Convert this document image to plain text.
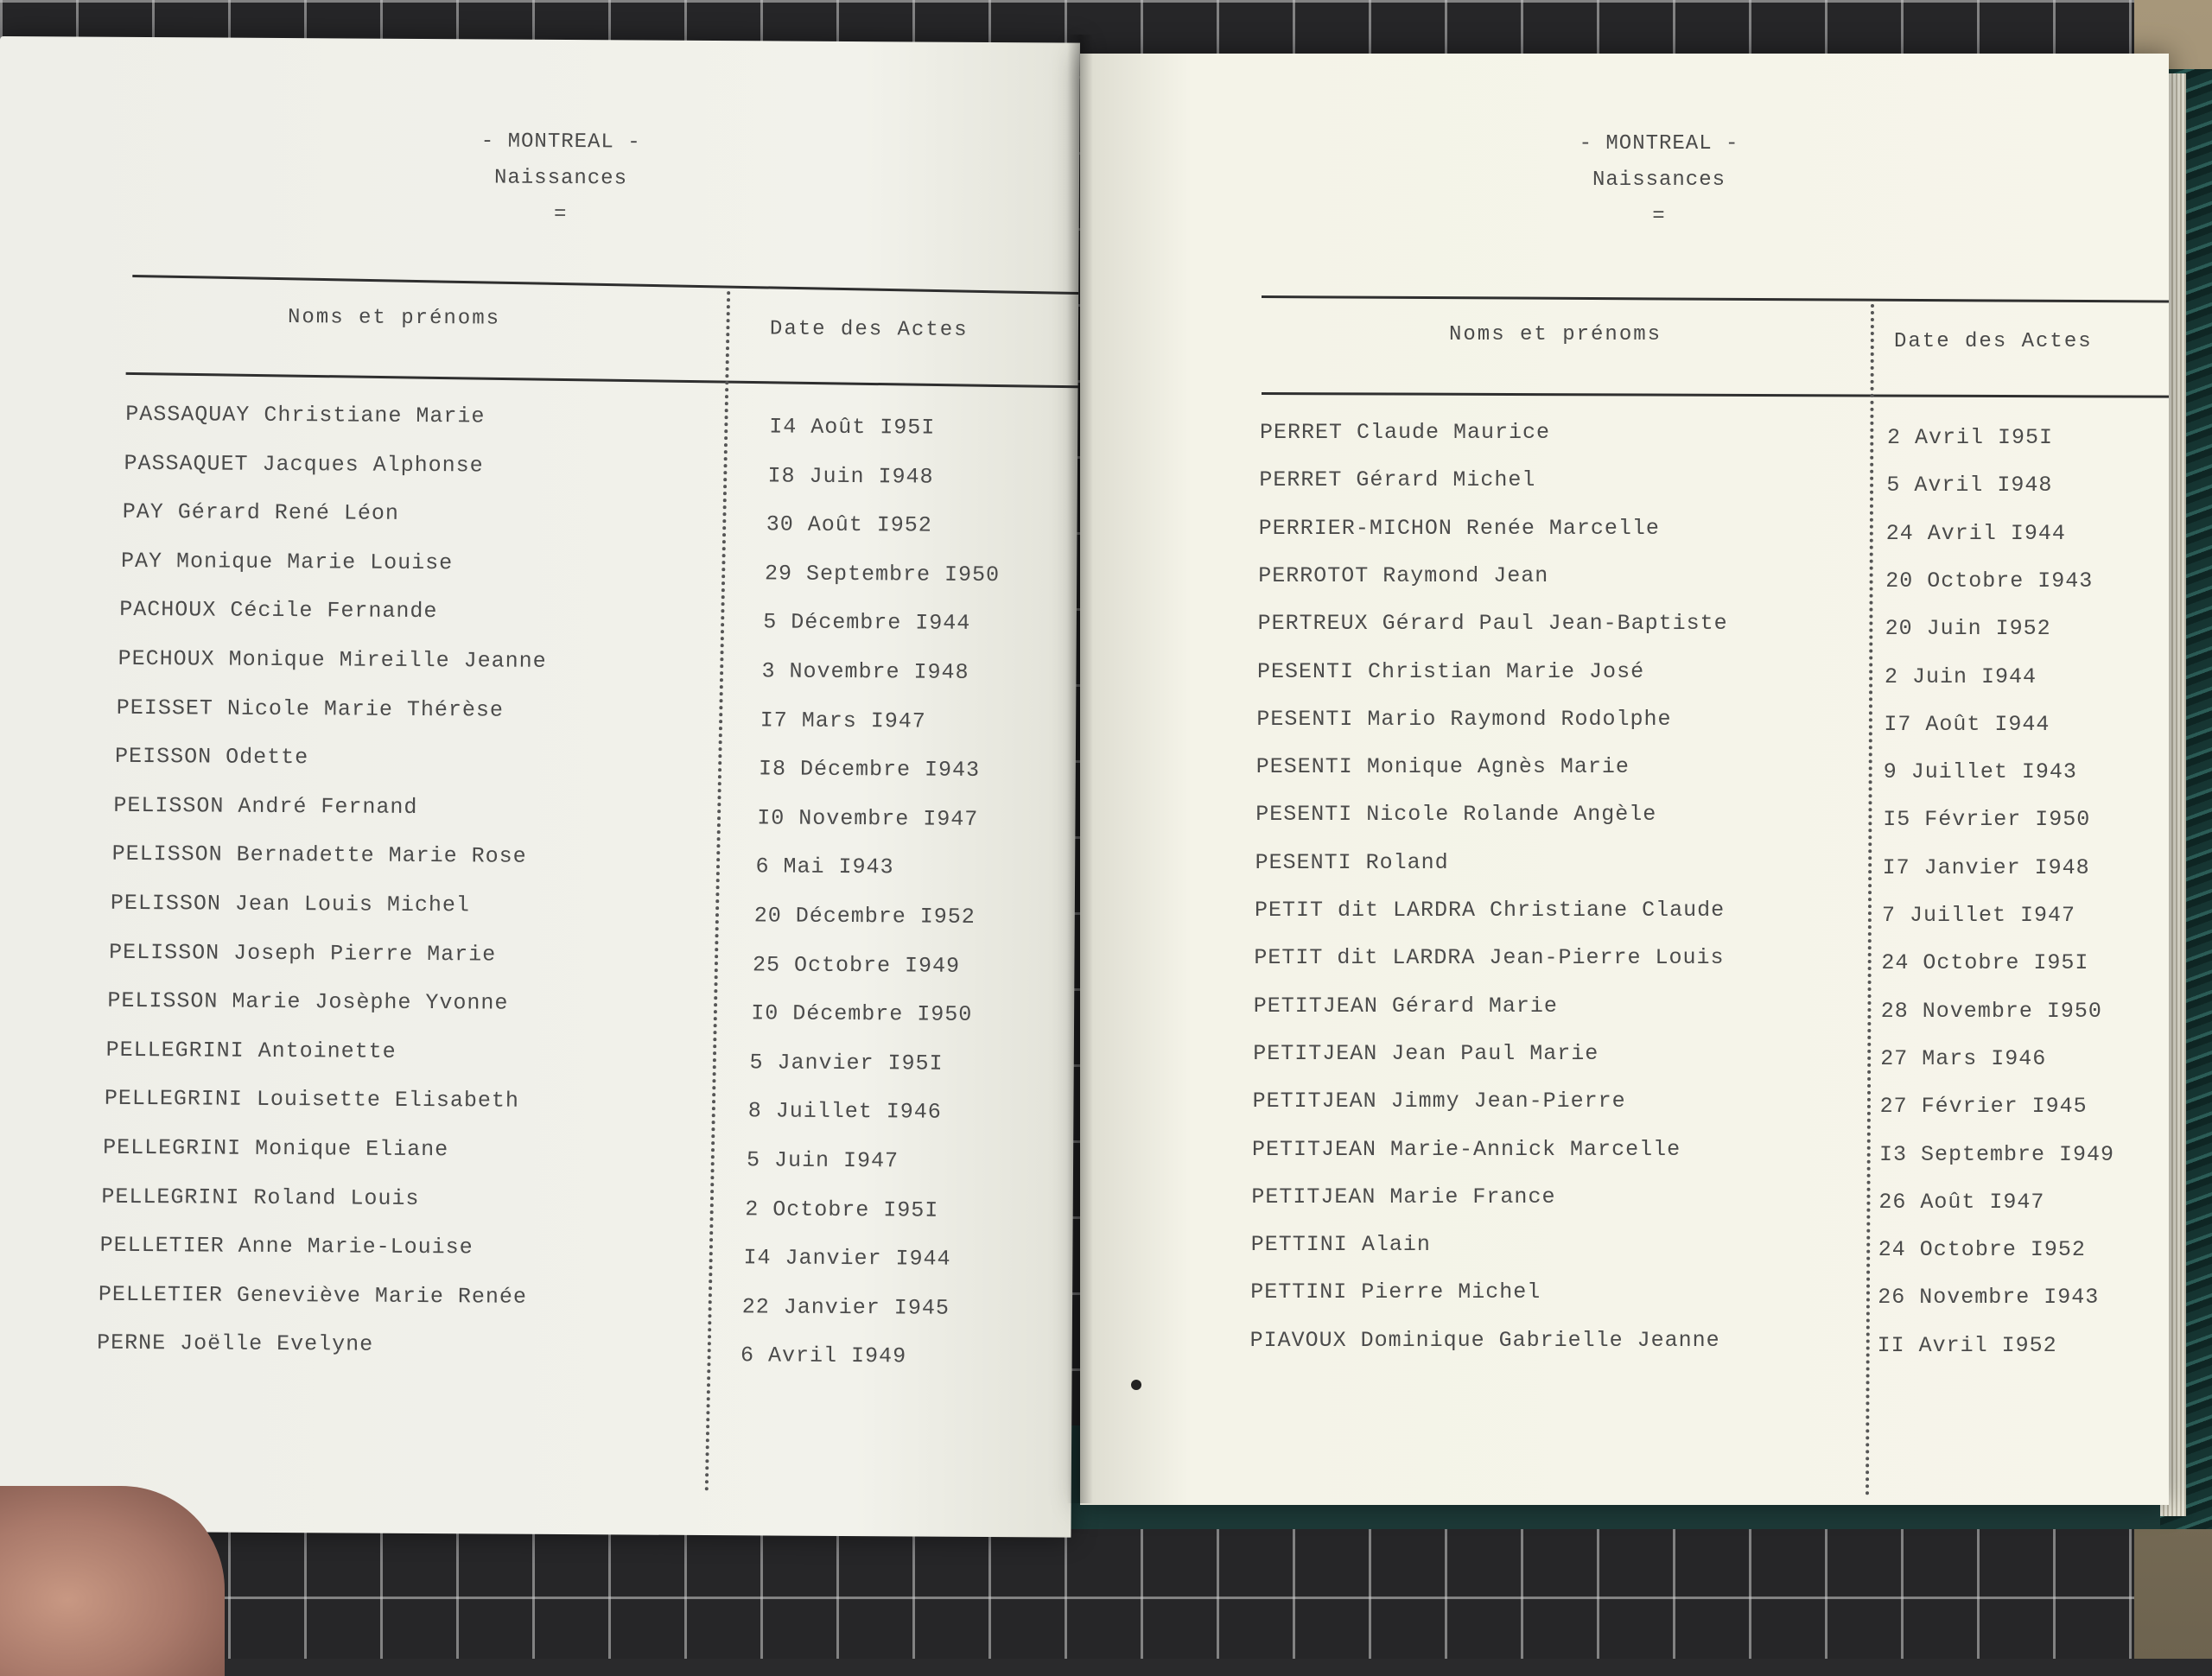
- MONTREAL -
Naissances
=
Noms et prénoms	Date des Actes
PASSAQUAY Christiane Marie	I4 Août I95I
PASSAQUET Jacques Alphonse	I8 Juin I948
PAY Gérard René Léon	30 Août I952
PAY Monique Marie Louise	29 Septembre I950
PACHOUX Cécile Fernande	5 Décembre I944
PECHOUX Monique Mireille Jeanne	3 Novembre I948
PEISSET Nicole Marie Thérèse	I7 Mars I947
PEISSON Odette	I8 Décembre I943
PELISSON André Fernand	I0 Novembre I947
PELISSON Bernadette Marie Rose	6 Mai I943
PELISSON Jean Louis Michel	20 Décembre I952
PELISSON Joseph Pierre Marie	25 Octobre I949
PELISSON Marie Josèphe Yvonne	I0 Décembre I950
PELLEGRINI Antoinette	5 Janvier I95I
PELLEGRINI Louisette Elisabeth	8 Juillet I946
PELLEGRINI Monique Eliane	5 Juin I947
PELLEGRINI Roland Louis	2 Octobre I95I
PELLETIER Anne Marie-Louise	I4 Janvier I944
PELLETIER Geneviève Marie Renée	22 Janvier I945
PERNE Joëlle Evelyne	6 Avril I949
- MONTREAL -
Naissances
=
Noms et prénoms	Date des Actes
PERRET Claude Maurice	2 Avril I95I
PERRET Gérard Michel	5 Avril I948
PERRIER-MICHON Renée Marcelle	24 Avril I944
PERROTOT Raymond Jean	20 Octobre I943
PERTREUX Gérard Paul Jean-Baptiste	20 Juin I952
PESENTI Christian Marie José	2 Juin I944
PESENTI Mario Raymond Rodolphe	I7 Août I944
PESENTI Monique Agnès Marie	9 Juillet I943
PESENTI Nicole Rolande Angèle	I5 Février I950
PESENTI Roland	I7 Janvier I948
PETIT dit LARDRA Christiane Claude	7 Juillet I947
PETIT dit LARDRA Jean-Pierre Louis	24 Octobre I95I
PETITJEAN Gérard Marie	28 Novembre I950
PETITJEAN Jean Paul Marie	27 Mars I946
PETITJEAN Jimmy Jean-Pierre	27 Février I945
PETITJEAN Marie-Annick Marcelle	I3 Septembre I949
PETITJEAN Marie France	26 Août I947
PETTINI Alain	24 Octobre I952
PETTINI Pierre Michel	26 Novembre I943
PIAVOUX Dominique Gabrielle Jeanne	II Avril I952
